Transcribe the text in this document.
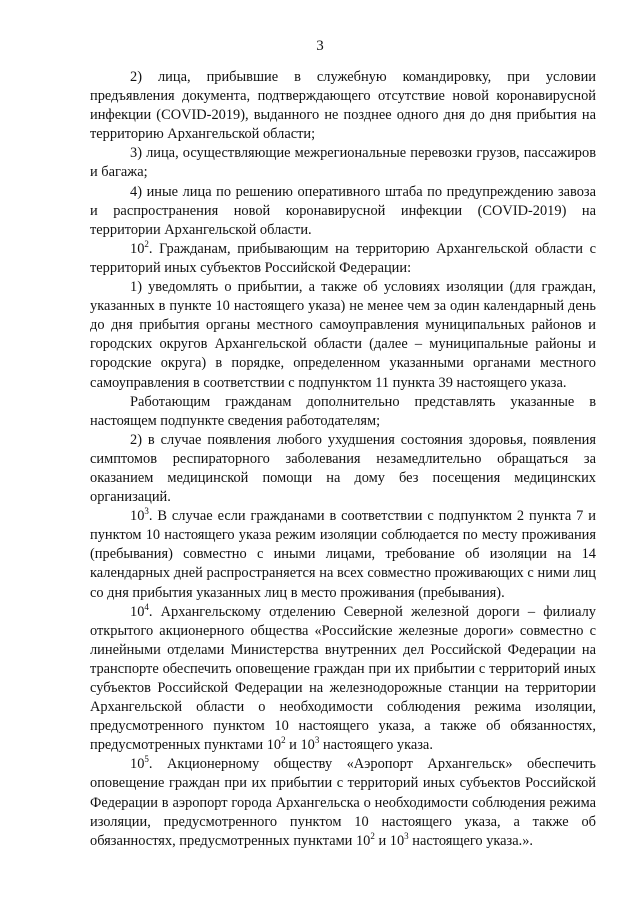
3

2) лица, прибывшие в служебную командировку, при условии предъявления документа, подтверждающего отсутствие новой коронавирусной инфекции (COVID-2019), выданного не позднее одного дня до дня прибытия на территорию Архангельской области;

3) лица, осуществляющие межрегиональные перевозки грузов, пассажиров и багажа;

4) иные лица по решению оперативного штаба по предупреждению завоза и распространения новой коронавирусной инфекции (COVID-2019) на территории Архангельской области.

$10^2$. Гражданам, прибывающим на территорию Архангельской области с территорий иных субъектов Российской Федерации:

1) уведомлять о прибытии, а также об условиях изоляции (для граждан, указанных в пункте 10 настоящего указа) не менее чем за один календарный день до дня прибытия органы местного самоуправления муниципальных районов и городских округов Архангельской области (далее – муниципальные районы и городские округа) в порядке, определенном указанными органами местного самоуправления в соответствии с подпунктом 11 пункта 39 настоящего указа.

Работающим гражданам дополнительно представлять указанные в настоящем подпункте сведения работодателям;

2) в случае появления любого ухудшения состояния здоровья, появления симптомов респираторного заболевания незамедлительно обращаться за оказанием медицинской помощи на дому без посещения медицинских организаций.

$10^3$. В случае если гражданами в соответствии с подпунктом 2 пункта 7 и пунктом 10 настоящего указа режим изоляции соблюдается по месту проживания (пребывания) совместно с иными лицами, требование об изоляции на 14 календарных дней распространяется на всех совместно проживающих с ними лиц со дня прибытия указанных лиц в место проживания (пребывания).

$10^4$. Архангельскому отделению Северной железной дороги – филиалу открытого акционерного общества «Российские железные дороги» совместно с линейными отделами Министерства внутренних дел Российской Федерации на транспорте обеспечить оповещение граждан при их прибытии с территорий иных субъектов Российской Федерации на железнодорожные станции на территории Архангельской области о необходимости соблюдения режима изоляции, предусмотренного пунктом 10 настоящего указа, а также об обязанностях, предусмотренных пунктами 10$^2$ и 10$^3$ настоящего указа.

$10^5$. Акционерному обществу «Аэропорт Архангельск» обеспечить оповещение граждан при их прибытии с территорий иных субъектов Российской Федерации в аэропорт города Архангельска о необходимости соблюдения режима изоляции, предусмотренного пунктом 10 настоящего указа, а также об обязанностях, предусмотренных пунктами 10$^2$ и 10$^3$ настоящего указа.».
